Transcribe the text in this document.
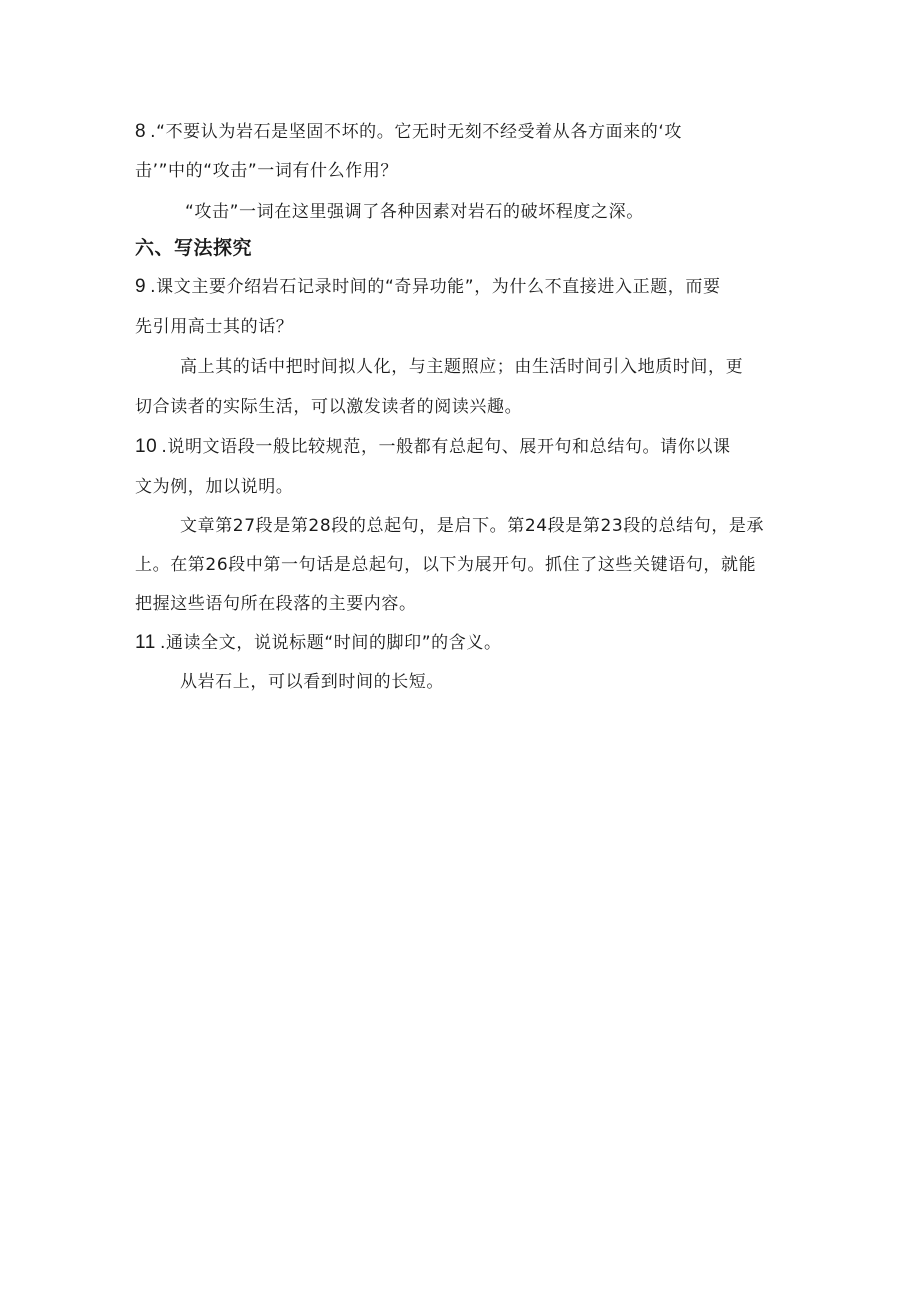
8 .“不要认为岩石是坚固不坏的。它无时无刻不经受着从各方面来的‘攻
击’”中的“攻击”一词有什么作用？
“攻击”一词在这里强调了各种因素对岩石的破坏程度之深。
六、写法探究
9 .课文主要介绍岩石记录时间的“奇异功能”，为什么不直接进入正题，而要
先引用高士其的话？
高上其的话中把时间拟人化，与主题照应；由生活时间引入地质时间，更
切合读者的实际生活，可以激发读者的阅读兴趣。
10 .说明文语段一般比较规范，一般都有总起句、展开句和总结句。请你以课
文为例，加以说明。
文章第27段是第28段的总起句，是启下。第24段是第23段的总结句，是承
上。在第26段中第一句话是总起句，以下为展开句。抓住了这些关键语句，就能
把握这些语句所在段落的主要内容。
11 .通读全文，说说标题“时间的脚印”的含义。
从岩石上，可以看到时间的长短。
